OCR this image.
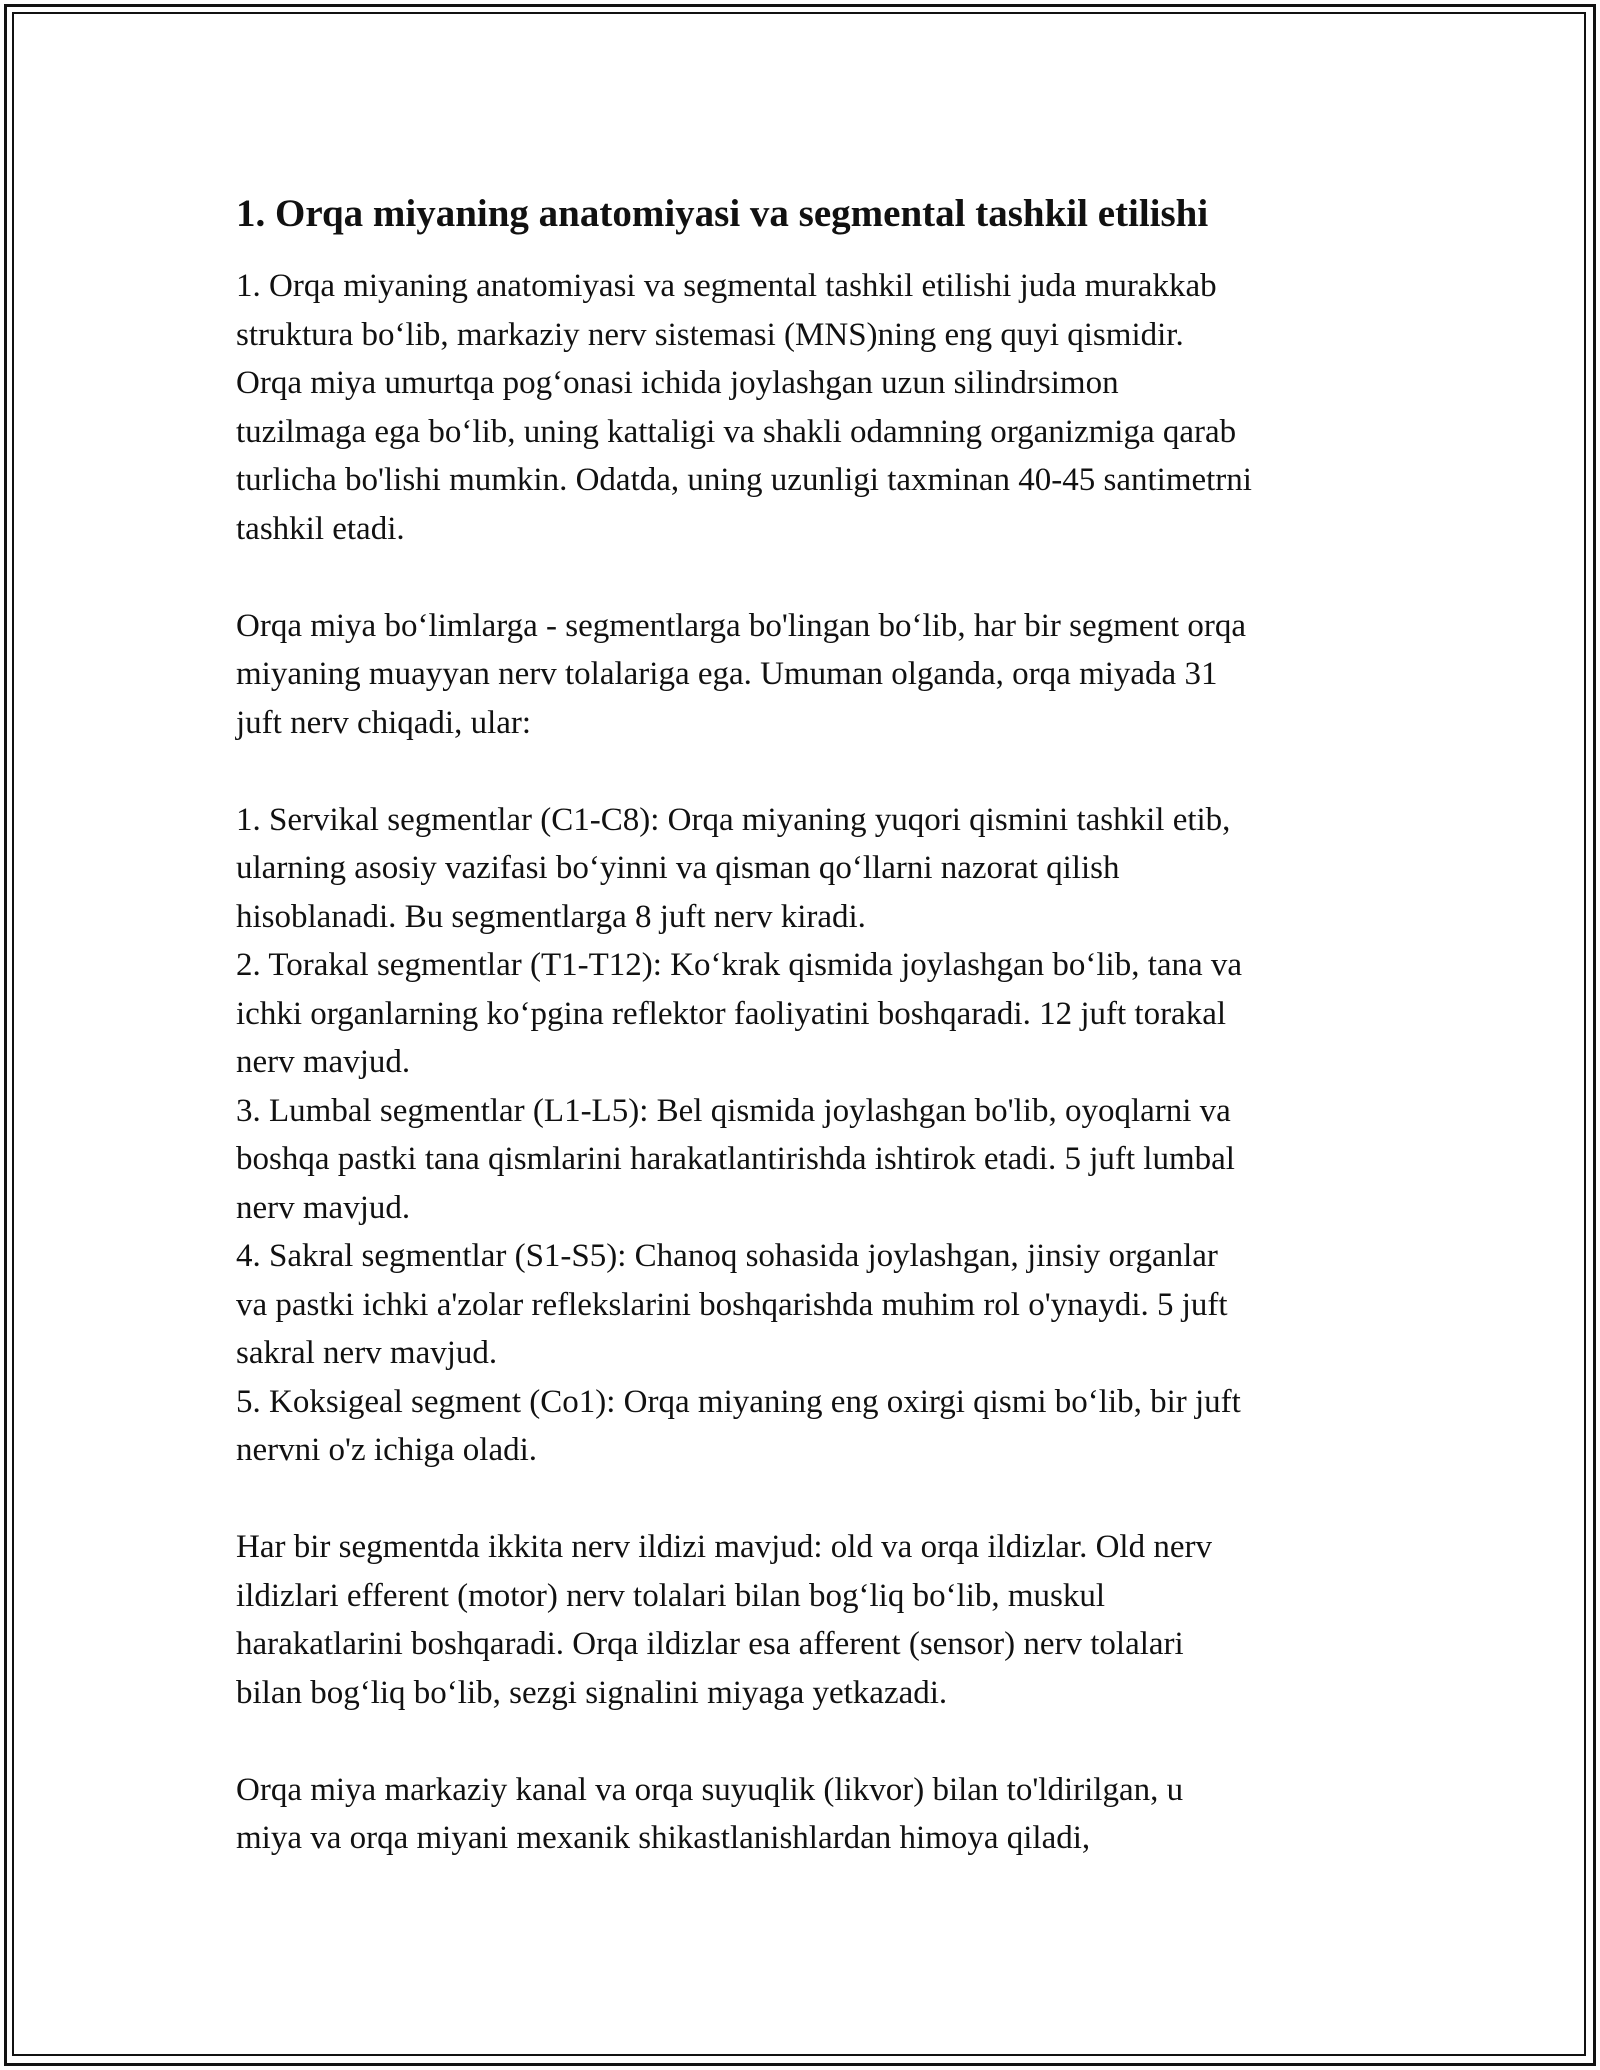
1. Orqa miyaning anatomiyasi va segmental tashkil etilishi

1. Orqa miyaning anatomiyasi va segmental tashkil etilishi juda murakkab
struktura bo‘lib, markaziy nerv sistemasi (MNS)ning eng quyi qismidir.
Orqa miya umurtqa pog‘onasi ichida joylashgan uzun silindrsimon
tuzilmaga ega bo‘lib, uning kattaligi va shakli odamning organizmiga qarab
turlicha bo'lishi mumkin. Odatda, uning uzunligi taxminan 40-45 santimetrni
tashkil etadi.

Orqa miya bo‘limlarga - segmentlarga bo'lingan bo‘lib, har bir segment orqa
miyaning muayyan nerv tolalariga ega. Umuman olganda, orqa miyada 31
juft nerv chiqadi, ular:

1. Servikal segmentlar (C1-C8): Orqa miyaning yuqori qismini tashkil etib,
ularning asosiy vazifasi bo‘yinni va qisman qo‘llarni nazorat qilish
hisoblanadi. Bu segmentlarga 8 juft nerv kiradi.
2. Torakal segmentlar (T1-T12): Ko‘krak qismida joylashgan bo‘lib, tana va
ichki organlarning ko‘pgina reflektor faoliyatini boshqaradi. 12 juft torakal
nerv mavjud.
3. Lumbal segmentlar (L1-L5): Bel qismida joylashgan bo'lib, oyoqlarni va
boshqa pastki tana qismlarini harakatlantirishda ishtirok etadi. 5 juft lumbal
nerv mavjud.
4. Sakral segmentlar (S1-S5): Chanoq sohasida joylashgan, jinsiy organlar
va pastki ichki a'zolar reflekslarini boshqarishda muhim rol o'ynaydi. 5 juft
sakral nerv mavjud.
5. Koksigeal segment (Co1): Orqa miyaning eng oxirgi qismi bo‘lib, bir juft
nervni o'z ichiga oladi.

Har bir segmentda ikkita nerv ildizi mavjud: old va orqa ildizlar. Old nerv
ildizlari efferent (motor) nerv tolalari bilan bog‘liq bo‘lib, muskul
harakatlarini boshqaradi. Orqa ildizlar esa afferent (sensor) nerv tolalari
bilan bog‘liq bo‘lib, sezgi signalini miyaga yetkazadi.

Orqa miya markaziy kanal va orqa suyuqlik (likvor) bilan to'ldirilgan, u
miya va orqa miyani mexanik shikastlanishlardan himoya qiladi,
